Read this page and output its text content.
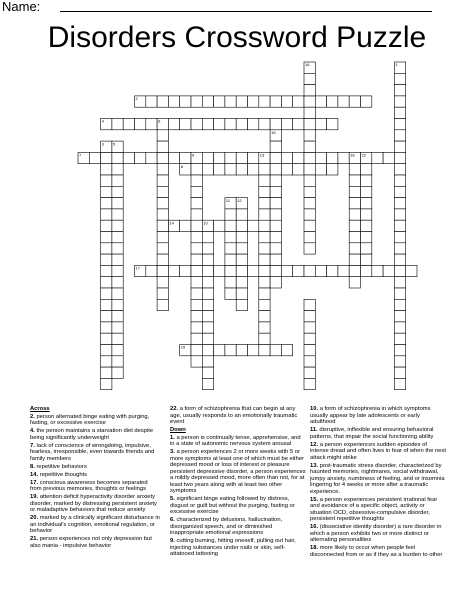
Name:
Disorders Crossword Puzzle
1
2
3
4
5
6
7
8
9
10
11 12
13
14
15
16
17
18
19
22
Across
2. person alternated binge eating with purging, fasting, or excessive exercise
4. the person maintains a starvation diet despite being significantly underweight
7. lack of conscience of wrongdoing, impulsive, fearless, irresponsible, even towards friends and family members
8. repetitive behaviors
14. repetitive thoughts
17. conscious awareness becomes separated from previous memories, thoughts or feelings
19. attention deficit hyperactivity disorder anxiety disorder, marked by distressing persistent anxiety or maladaptive behaviors that reduce anxiety
20. marked by a clinically significant disturbance in an individual's cognition, emotional regulation, or behavior
21. person experiences not only depression but also mania - impulsive behavior
22. a form of schizophrenia that can begin at any age, usually responds to an emotionally traumatic event
Down
1. a person is continually tense, apprehensive, and in a state of autonomic nervous system arousal
3. a person experiences 2 or more weeks with 5 or more symptoms at least one of which must be either depressed mood or loss of interest or pleasure persistent depressive disorder, a person experiences a mildly depressed mood, more often than not, for at least two years along with at least two other symptoms
5. significant binge eating followed by distress, disgust or guilt but without the purging, fasting or excessive exercise
6. characterized by delusions, hallucination, disorganized speech, and or diminished inappropriate emotional expressions
9. cutting burning, hitting oneself, pulling out hair, injecting substances under nails or skin, self-attatooed tattooing
10. a form of schizophrenia in which symptoms usually appear by late adolescents or early adulthood
11. disruptive, inflexible and ensuring behavioral patterns, that impair the social functioning ability
12. a person experiences sudden episodes of intense dread and often lives in fear of when the next attack might strike
13. post-traumatic stress disorder, characterized by haunted memories, nightmares, social withdrawal, jumpy anxiety, numbness of feeling, and or insomnia lingering for 4 weeks or more after a traumatic experience.
15. a person experiences persistent irrational fear and avoidance of a specific object, activity or situation OCD, obsessive-compulsive disorder, persistent repetitive thoughts
16. (dissociative identity disorder) a rare disorder in which a person exhibits two or more distinct or alternating personalities
18. more likely to occur when people feel disconnected from or as if they as a burden to other
